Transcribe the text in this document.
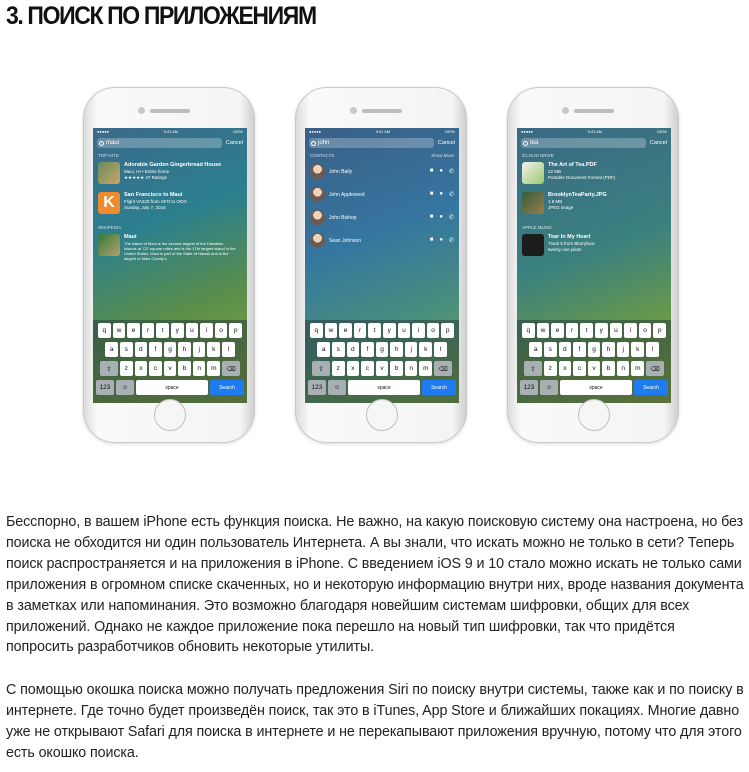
3. ПОИСК ПО ПРИЛОЖЕНИЯМ
●●●●●	9:41 AM	100%
maui	Cancel
TOP HITS
Adorable Garden Gingerbread House
Maui, HI • Entire home
★★★★★ 47 Ratings
K	San Francisco to Maui
Flight VA220 from SFO to OGG
Sunday, July 7, 2016
WIKIPEDIA
Maui
The island of Maui is the second-largest of the Hawaiian Islands at 727 square miles and is the 17th largest island in the United States. Maui is part of the State of Hawaii and is the largest of Maui County's
q	w	e	r	t	y	u	i	o	p
a	s	d	f	g	h	j	k	l
⇧	z	x	c	v	b	n	m	⌫
123	☺	space	Search
●●●●●	9:41 AM	100%
john	Cancel
CONTACTS	Show More
John Baily	■ ● ✆
John Appleseed	■ ● ✆
John Bishop	■ ● ✆
Sean Johnson	■ ● ✆
q	w	e	r	t	y	u	i	o	p
a	s	d	f	g	h	j	k	l
⇧	z	x	c	v	b	n	m	⌫
123	☺	space	Search
●●●●●	9:41 AM	100%
tea	Cancel
iCLOUD DRIVE
The Art of Tea.PDF
22 MB
Portable Document Format (PDF)
BrooklynTeaParty.JPG
1.9 MB
JPEG image
APPLE MUSIC
Tear In My Heart
Track 5 from Blurryface
twenty one pilots
q	w	e	r	t	y	u	i	o	p
a	s	d	f	g	h	j	k	l
⇧	z	x	c	v	b	n	m	⌫
123	☺	space	Search

Бесспорно, в вашем iPhone есть функция поиска. Не важно, на какую поисковую систему она настроена, но без поиска не обходится ни один пользователь Интернета. А вы знали, что искать можно не только в сети? Теперь поиск распространяется и на приложения в iPhone. С введением iOS 9 и 10 стало можно искать не только сами приложения в огромном списке скаченных, но и некоторую информацию внутри них, вроде названия документа в заметках или напоминания. Это возможно благодаря новейшим системам шифровки, общих для всех приложений. Однако не каждое приложение пока перешло на новый тип шифровки, так что придётся попросить разработчиков обновить некоторые утилиты.

С помощью окошка поиска можно получать предложения Siri по поиску внутри системы, также как и по поиску в интернете. Где точно будет произведён поиск, так это в iTunes, App Store и ближайших покациях. Многие давно уже не открывают Safari для поиска в интернете и не перекапывают приложения вручную, потому что для этого есть окошко поиска.
